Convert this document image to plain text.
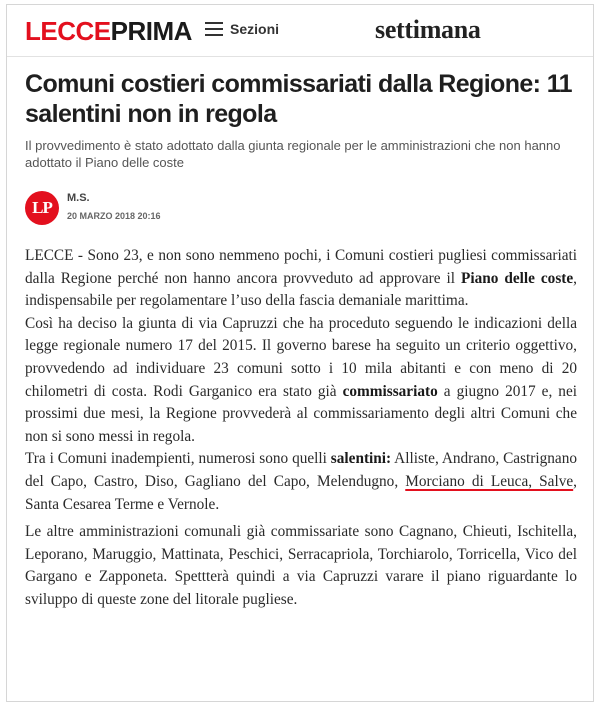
LECCEPRIMA	Sezioni	settimana
Comuni costieri commissariati dalla Regione: 11 salentini non in regola
Il provvedimento è stato adottato dalla giunta regionale per le amministrazioni che non hanno adottato il Piano delle coste
LP	M.S.
20 MARZO 2018 20:16

LECCE - Sono 23, e non sono nemmeno pochi, i Comuni costieri pugliesi commissariati dalla Regione perché non hanno ancora provveduto ad approvare il Piano delle coste, indispensabile per regolamentare l’uso della fascia demaniale marittima.

Così ha deciso la giunta di via Capruzzi che ha proceduto seguendo le indicazioni della legge regionale numero 17 del 2015. Il governo barese ha seguito un criterio oggettivo, provvedendo ad individuare 23 comuni sotto i 10 mila abitanti e con meno di 20 chilometri di costa. Rodi Garganico era stato già commissariato a giugno 2017 e, nei prossimi due mesi, la Regione provvederà al commissariamento degli altri Comuni che non si sono messi in regola.

Tra i Comuni inadempienti, numerosi sono quelli salentini: Alliste, Andrano, Castrignano del Capo, Castro, Diso, Gagliano del Capo, Melendugno, Morciano di Leuca, Salve, Santa Cesarea Terme e Vernole.

Le altre amministrazioni comunali già commissariate sono Cagnano, Chieuti, Ischitella, Leporano, Maruggio, Mattinata, Peschici, Serracapriola, Torchiarolo, Torricella, Vico del Gargano e Zapponeta. Spettterà quindi a via Capruzzi varare il piano riguardante lo sviluppo di queste zone del litorale pugliese.
